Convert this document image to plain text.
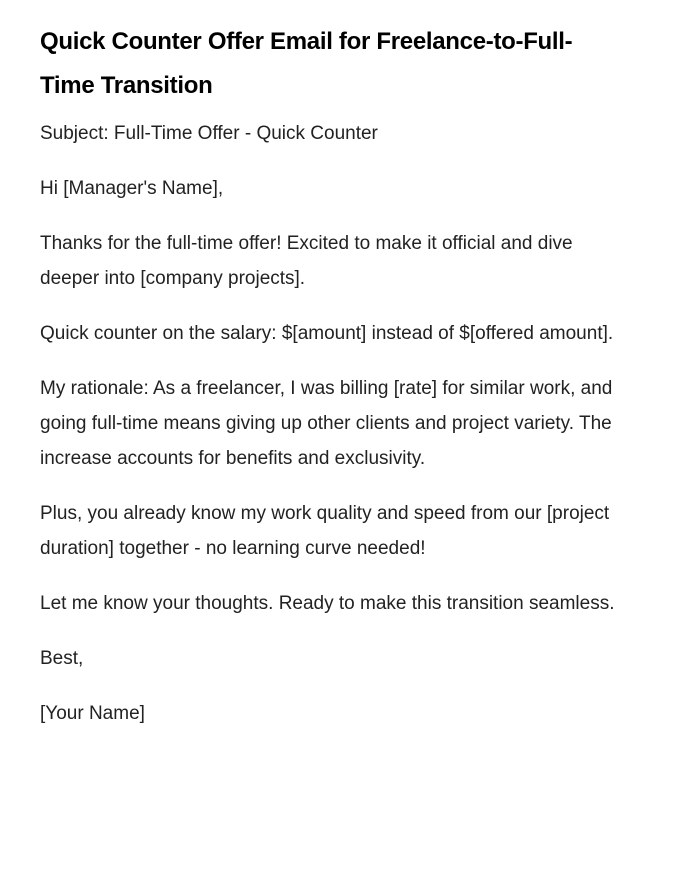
Quick Counter Offer Email for Freelance-to-Full-Time Transition

Subject: Full-Time Offer - Quick Counter

Hi [Manager's Name],

Thanks for the full-time offer! Excited to make it official and dive deeper into [company projects].

Quick counter on the salary: $[amount] instead of $[offered amount].

My rationale: As a freelancer, I was billing [rate] for similar work, and going full-time means giving up other clients and project variety. The increase accounts for benefits and exclusivity.

Plus, you already know my work quality and speed from our [project duration] together - no learning curve needed!

Let me know your thoughts. Ready to make this transition seamless.

Best,

[Your Name]
